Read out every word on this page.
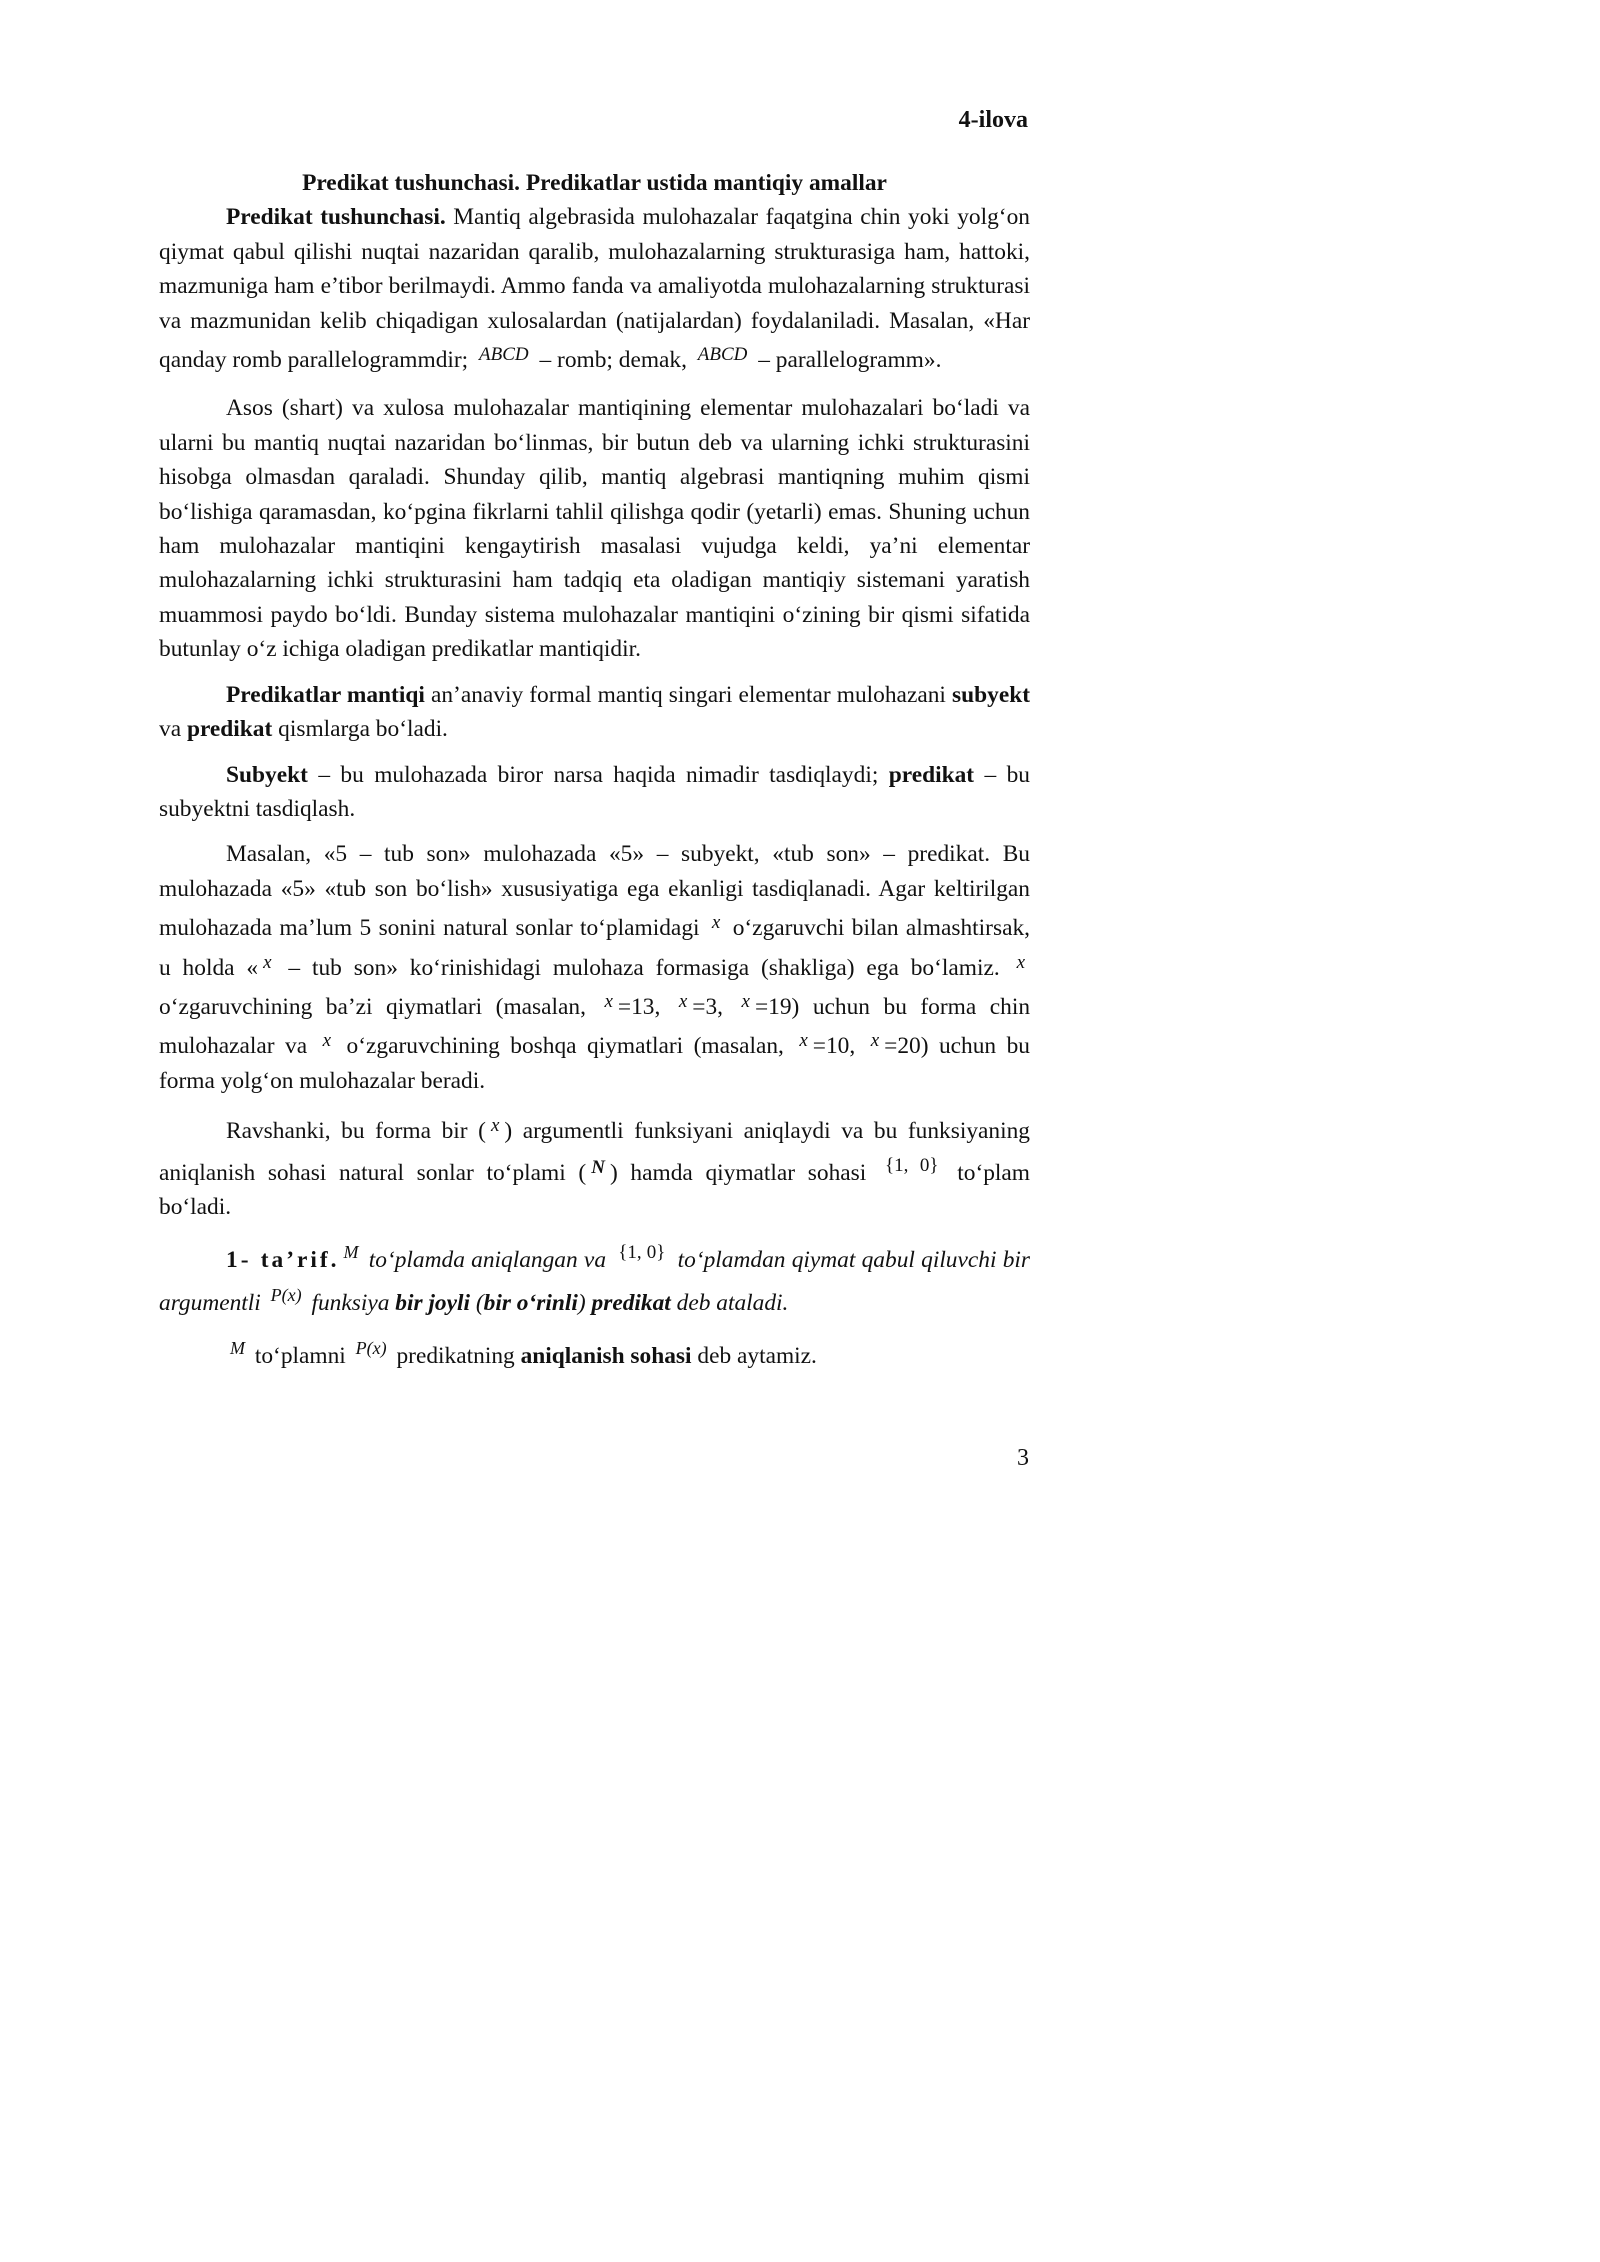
4-ilova
Predikat tushunchasi. Predikatlar ustida mantiqiy amallar

Predikat tushunchasi. Mantiq algebrasida mulohazalar faqatgina chin yoki yolg‘on qiymat qabul qilishi nuqtai nazaridan qaralib, mulohazalarning strukturasiga ham, hattoki, mazmuniga ham e’tibor berilmaydi. Ammo fanda va amaliyotda mulohazalarning strukturasi va mazmunidan kelib chiqadigan xulosalardan (natijalardan) foydalaniladi. Masalan, «Har qanday romb parallelogrammdir; $^{ABCD}$ – romb; demak, $^{ABCD}$ – parallelogramm».

Asos (shart) va xulosa mulohazalar mantiqining elementar mulohazalari bo‘ladi va ularni bu mantiq nuqtai nazaridan bo‘linmas, bir butun deb va ularning ichki strukturasini hisobga olmasdan qaraladi. Shunday qilib, mantiq algebrasi mantiqning muhim qismi bo‘lishiga qaramasdan, ko‘pgina fikrlarni tahlil qilishga qodir (yetarli) emas. Shuning uchun ham mulohazalar mantiqini kengaytirish masalasi vujudga keldi, ya’ni elementar mulohazalarning ichki strukturasini ham tadqiq eta oladigan mantiqiy sistemani yaratish muammosi paydo bo‘ldi. Bunday sistema mulohazalar mantiqini o‘zining bir qismi sifatida butunlay o‘z ichiga oladigan predikatlar mantiqidir.

Predikatlar mantiqi an’anaviy formal mantiq singari elementar mulohazani subyekt va predikat qismlarga bo‘ladi.

Subyekt – bu mulohazada biror narsa haqida nimadir tasdiqlaydi; predikat – bu subyektni tasdiqlash.

Masalan, «5 – tub son» mulohazada «5» – subyekt, «tub son» – predikat. Bu mulohazada «5» «tub son bo‘lish» xususiyatiga ega ekanligi tasdiqlanadi. Agar keltirilgan mulohazada ma’lum 5 sonini natural sonlar to‘plamidagi $^x$ o‘zgaruvchi bilan almashtirsak, u holda « $^x$ – tub son» ko‘rinishidagi mulohaza formasiga (shakliga) ega bo‘lamiz. $^x$ o‘zgaruvchining ba’zi qiymatlari (masalan, $^x$ =13, $^x$ =3, $^x$ =19) uchun bu forma chin mulohazalar va $^x$ o‘zgaruvchining boshqa qiymatlari (masalan, $^x$ =10, $^x$ =20) uchun bu forma yolg‘on mulohazalar beradi.

Ravshanki, bu forma bir ( $^x$ ) argumentli funksiyani aniqlaydi va bu funksiyaning aniqlanish sohasi natural sonlar to‘plami ( $^N$ ) hamda qiymatlar sohasi $^{\{1, 0\}}$ to‘plam bo‘ladi.

1- ta’rif. $^M$ to‘plamda aniqlangan va $^{\{1, 0\}}$ to‘plamdan qiymat qabul qiluvchi bir argumentli $^{P(x)}$ funksiya bir joyli (bir o‘rinli) predikat deb ataladi.

$^M$ to‘plamni $^{P(x)}$ predikatning aniqlanish sohasi deb aytamiz.

3
